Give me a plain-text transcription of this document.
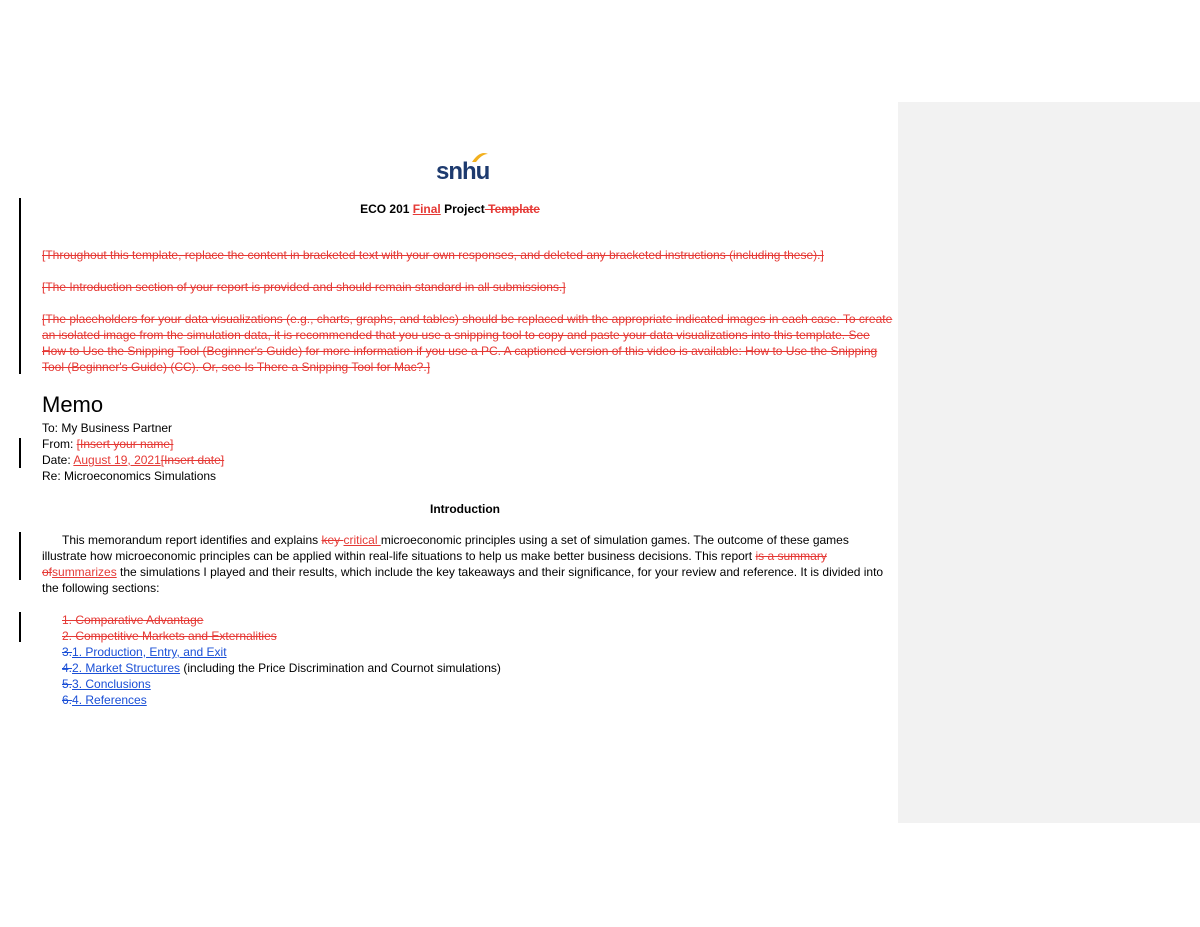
snhu
ECO 201 Final Project Template
[Throughout this template, replace the content in bracketed text with your own responses, and deleted any bracketed instructions (including these).]
[The Introduction section of your report is provided and should remain standard in all submissions.]
[The placeholders for your data visualizations (e.g., charts, graphs, and tables) should be replaced with the appropriate indicated images in each case. To create
an isolated image from the simulation data, it is recommended that you use a snipping tool to copy and paste your data visualizations into this template. See
How to Use the Snipping Tool (Beginner's Guide) for more information if you use a PC. A captioned version of this video is available: How to Use the Snipping
Tool (Beginner's Guide) (CC). Or, see Is There a Snipping Tool for Mac?.]
Memo
To: My Business Partner
From: [Insert your name]
Date: August 19, 2021[Insert date]
Re: Microeconomics Simulations
Introduction
This memorandum report identifies and explains key critical microeconomic principles using a set of simulation games. The outcome of these games
illustrate how microeconomic principles can be applied within real-life situations to help us make better business decisions. This report is a summary
ofsummarizes the simulations I played and their results, which include the key takeaways and their significance, for your review and reference. It is divided into
the following sections:
1. Comparative Advantage
2. Competitive Markets and Externalities
3.1. Production, Entry, and Exit
4.2. Market Structures (including the Price Discrimination and Cournot simulations)
5.3. Conclusions
6.4. References
